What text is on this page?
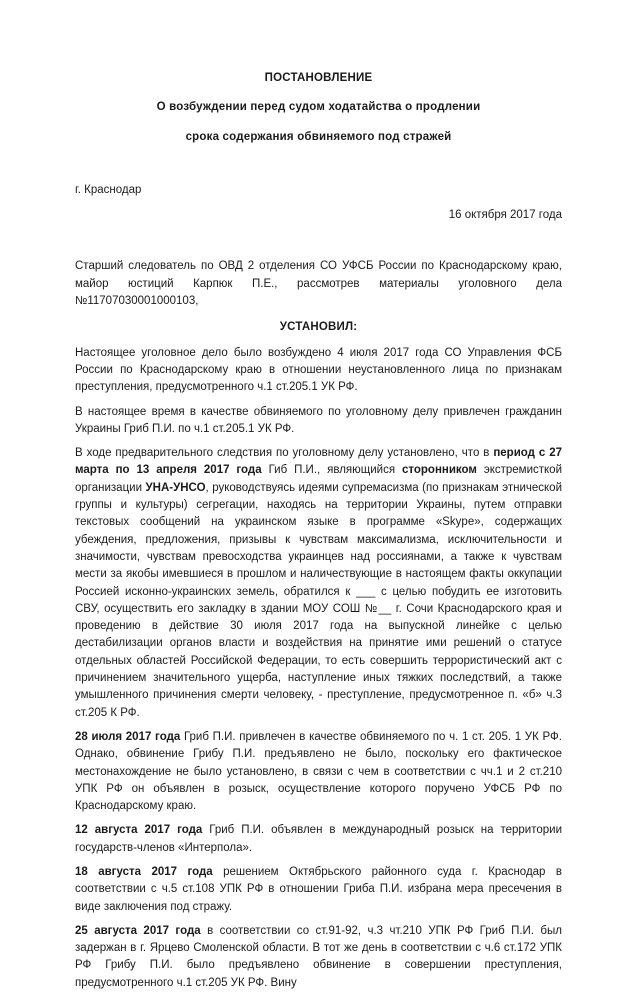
ПОСТАНОВЛЕНИЕ
О возбуждении перед судом ходатайства о продлении
срока содержания обвиняемого под стражей
г. Краснодар
16 октября 2017 года

Старший следователь по ОВД 2 отделения СО УФСБ России по Краснодарскому краю, майор юстиций Карпюк П.Е., рассмотрев материалы уголовного дела №11707030001000103,

УСТАНОВИЛ:

Настоящее уголовное дело было возбуждено 4 июля 2017 года СО Управления ФСБ России по Краснодарскому краю в отношении неустановленного лица по признакам преступления, предусмотренного ч.1 ст.205.1 УК РФ.

В настоящее время в качестве обвиняемого по уголовному делу привлечен гражданин Украины Гриб П.И. по ч.1 ст.205.1 УК РФ.

В ходе предварительного следствия по уголовному делу установлено, что в период с 27 марта по 13 апреля 2017 года Гиб П.И., являющийся сторонником экстремисткой организации УНА-УНСО, руководствуясь идеями супремасизма (по признакам этнической группы и культуры) сегрегации, находясь на территории Украины, путем отправки текстовых сообщений на украинском языке в программе «Skype», содержащих убеждения, предложения, призывы к чувствам максимализма, исключительности и значимости, чувствам превосходства украинцев над россиянами, а также к чувствам мести за якобы имевшиеся в прошлом и наличествующие в настоящем факты оккупации Россией исконно-украинских земель, обратился к ___ с целью побудить ее изготовить СВУ, осуществить его закладку в здании МОУ СОШ №__ г. Сочи Краснодарского края и проведению в действие 30 июля 2017 года на выпускной линейке с целью дестабилизации органов власти и воздействия на принятие ими решений о статусе отдельных областей Российской Федерации, то есть совершить террористический акт с причинением значительного ущерба, наступление иных тяжких последствий, а также умышленного причинения смерти человеку, - преступление, предусмотренное п. «б» ч.3 ст.205 К РФ.

28 июля 2017 года Гриб П.И. привлечен в качестве обвиняемого по ч. 1 ст. 205. 1 УК РФ. Однако, обвинение Грибу П.И. предъявлено не было, поскольку его фактическое местонахождение не было установлено, в связи с чем в соответствии с чч.1 и 2 ст.210 УПК РФ он объявлен в розыск, осуществление которого поручено УФСБ РФ по Краснодарскому краю.

12 августа 2017 года Гриб П.И. объявлен в международный розыск на территории государств-членов «Интерпола».

18 августа 2017 года решением Октябрьского районного суда г. Краснодар в соответствии с ч.5 ст.108 УПК РФ в отношении Гриба П.И. избрана мера пресечения в виде заключения под стражу.

25 августа 2017 года в соответствии со ст.91-92, ч.3 чт.210 УПК РФ Гриб П.И. был задержан в г. Ярцево Смоленской области. В тот же день в соответствии с ч.6 ст.172 УПК РФ Грибу П.И. было предъявлено обвинение в совершении преступления, предусмотренного ч.1 ст.205 УК РФ. Вину
